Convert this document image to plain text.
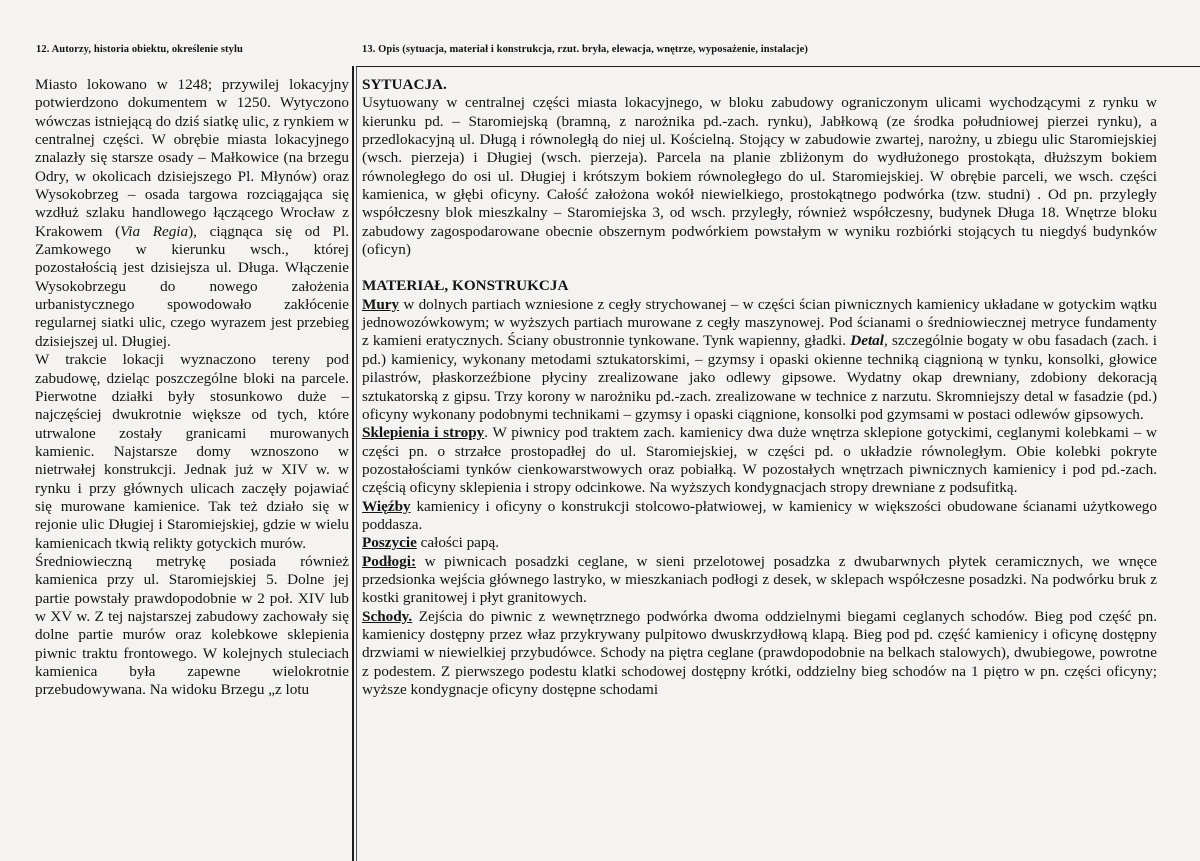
12. Autorzy, historia obiektu, określenie stylu	13. Opis (sytuacja, materiał i konstrukcja, rzut. bryła, elewacja, wnętrze, wyposażenie, instalacje)

Miasto lokowano w 1248; przywilej lokacyjny potwierdzono dokumentem w 1250. Wytyczono wówczas istniejącą do dziś siatkę ulic, z rynkiem w centralnej części. W obrębie miasta lokacyjnego znalazły się starsze osady – Małkowice (na brzegu Odry, w okolicach dzisiejszego Pl. Młynów) oraz Wysokobrzeg – osada targowa rozciągająca się wzdłuż szlaku handlowego łączącego Wrocław z Krakowem (Via Regia), ciągnąca się od Pl. Zamkowego w kierunku wsch., której pozostałością jest dzisiejsza ul. Długa. Włączenie Wysokobrzegu do nowego założenia urbanistycznego spowodowało zakłócenie regularnej siatki ulic, czego wyrazem jest przebieg dzisiejszej ul. Długiej.

W trakcie lokacji wyznaczono tereny pod zabudowę, dzieląc poszczególne bloki na parcele. Pierwotne działki były stosunkowo duże – najczęściej dwukrotnie większe od tych, które utrwalone zostały granicami murowanych kamienic. Najstarsze domy wznoszono w nietrwałej konstrukcji. Jednak już w XIV w. w rynku i przy głównych ulicach zaczęły pojawiać się murowane kamienice. Tak też działo się w rejonie ulic Długiej i Staromiejskiej, gdzie w wielu kamienicach tkwią relikty gotyckich murów.

Średniowieczną metrykę posiada również kamienica przy ul. Staromiejskiej 5. Dolne jej partie powstały prawdopodobnie w 2 poł. XIV lub w XV w. Z tej najstarszej zabudowy zachowały się dolne partie murów oraz kolebkowe sklepienia piwnic traktu frontowego. W kolejnych stuleciach kamienica była zapewne wielokrotnie przebudowywana. Na widoku Brzegu „z lotu

SYTUACJA.

Usytuowany w centralnej części miasta lokacyjnego, w bloku zabudowy ograniczonym ulicami wychodzącymi z rynku w kierunku pd. – Staromiejską (bramną, z narożnika pd.-zach. rynku), Jabłkową (ze środka południowej pierzei rynku), a przedlokacyjną ul. Długą i równoległą do niej ul. Kościelną. Stojący w zabudowie zwartej, narożny, u zbiegu ulic Staromiejskiej (wsch. pierzeja) i Długiej (wsch. pierzeja). Parcela na planie zbliżonym do wydłużonego prostokąta, dłuższym bokiem równoległego do osi ul. Długiej i krótszym bokiem równoległego do ul. Staromiejskiej. W obrębie parceli, we wsch. części kamienica, w głębi oficyny. Całość założona wokół niewielkiego, prostokątnego podwórka (tzw. studni) . Od pn. przyległy współczesny blok mieszkalny – Staromiejska 3, od wsch. przyległy, również współczesny, budynek Długa 18. Wnętrze bloku zabudowy zagospodarowane obecnie obszernym podwórkiem powstałym w wyniku rozbiórki stojących tu niegdyś budynków (oficyn)

MATERIAŁ, KONSTRUKCJA

Mury w dolnych partiach wzniesione z cegły strychowanej – w części ścian piwnicznych kamienicy układane w gotyckim wątku jednowozówkowym; w wyższych partiach murowane z cegły maszynowej. Pod ścianami o średniowiecznej metryce fundamenty z kamieni eratycznych. Ściany obustronnie tynkowane. Tynk wapienny, gładki. Detal, szczególnie bogaty w obu fasadach (zach. i pd.) kamienicy, wykonany metodami sztukatorskimi, – gzymsy i opaski okienne techniką ciągnioną w tynku, konsolki, głowice pilastrów, płaskorzeźbione płyciny zrealizowane jako odlewy gipsowe. Wydatny okap drewniany, zdobiony dekoracją sztukatorską z gipsu. Trzy korony w narożniku pd.-zach. zrealizowane w technice z narzutu. Skromniejszy detal w fasadzie (pd.) oficyny wykonany podobnymi technikami – gzymsy i opaski ciągnione, konsolki pod gzymsami w postaci odlewów gipsowych.

Sklepienia i stropy. W piwnicy pod traktem zach. kamienicy dwa duże wnętrza sklepione gotyckimi, ceglanymi kolebkami – w części pn. o strzałce prostopadłej do ul. Staromiejskiej, w części pd. o układzie równoległym. Obie kolebki pokryte pozostałościami tynków cienkowarstwowych oraz pobiałką. W pozostałych wnętrzach piwnicznych kamienicy i pod pd.-zach. częścią oficyny sklepienia i stropy odcinkowe. Na wyższych kondygnacjach stropy drewniane z podsufitką.

Więźby kamienicy i oficyny o konstrukcji stolcowo-płatwiowej, w kamienicy w większości obudowane ścianami użytkowego poddasza.

Poszycie całości papą.

Podłogi: w piwnicach posadzki ceglane, w sieni przelotowej posadzka z dwubarwnych płytek ceramicznych, we wnęce przedsionka wejścia głównego lastryko, w mieszkaniach podłogi z desek, w sklepach współczesne posadzki. Na podwórku bruk z kostki granitowej i płyt granitowych.

Schody. Zejścia do piwnic z wewnętrznego podwórka dwoma oddzielnymi biegami ceglanych schodów. Bieg pod część pn. kamienicy dostępny przez właz przykrywany pulpitowo dwuskrzydłową klapą. Bieg pod pd. część kamienicy i oficynę dostępny drzwiami w niewielkiej przybudówce. Schody na piętra ceglane (prawdopodobnie na belkach stalowych), dwubiegowe, powrotne z podestem. Z pierwszego podestu klatki schodowej dostępny krótki, oddzielny bieg schodów na 1 piętro w pn. części oficyny; wyższe kondygnacje oficyny dostępne schodami
